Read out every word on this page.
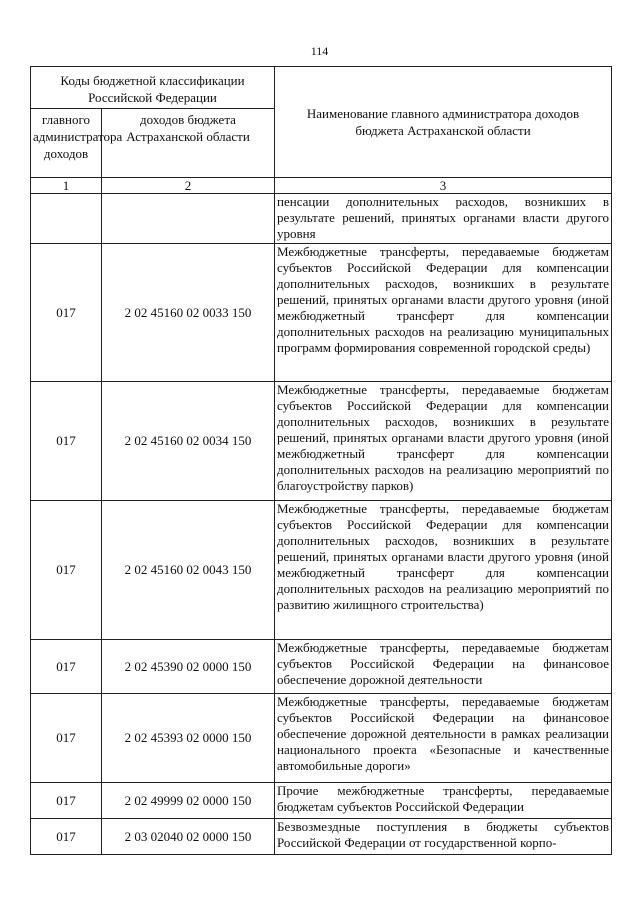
114
Коды бюджетной классификации Российской Федерации		Наименование главного администратора доходов бюджета Астраханской области
главного администратора доходов	доходов бюджета Астраханской области	
1	2	3
		пенсации дополнительных расходов, возникших в результате решений, принятых органами власти другого уровня
017	2 02 45160 02 0033 150	Межбюджетные трансферты, передаваемые бюджетам субъектов Российской Федерации для компенсации дополнительных расходов, возникших в результате решений, принятых органами власти другого уровня (иной межбюджетный трансферт для компенсации дополнительных расходов на реализацию муниципальных программ формирования современной городской среды)
017	2 02 45160 02 0034 150	Межбюджетные трансферты, передаваемые бюджетам субъектов Российской Федерации для компенсации дополнительных расходов, возникших в результате решений, принятых органами власти другого уровня (иной межбюджетный трансферт для компенсации дополнительных расходов на реализацию мероприятий по благоустройству парков)
017	2 02 45160 02 0043 150	Межбюджетные трансферты, передаваемые бюджетам субъектов Российской Федерации для компенсации дополнительных расходов, возникших в результате решений, принятых органами власти другого уровня (иной межбюджетный трансферт для компенсации дополнительных расходов на реализацию мероприятий по развитию жилищного строительства)
017	2 02 45390 02 0000 150	Межбюджетные трансферты, передаваемые бюджетам субъектов Российской Федерации на финансовое обеспечение дорожной деятельности
017	2 02 45393 02 0000 150	Межбюджетные трансферты, передаваемые бюджетам субъектов Российской Федерации на финансовое обеспечение дорожной деятельности в рамках реализации национального проекта «Безопасные и качественные автомобильные дороги»
017	2 02 49999 02 0000 150	Прочие межбюджетные трансферты, передаваемые бюджетам субъектов Российской Федерации
017	2 03 02040 02 0000 150	Безвозмездные поступления в бюджеты субъектов Российской Федерации от государственной корпо-
